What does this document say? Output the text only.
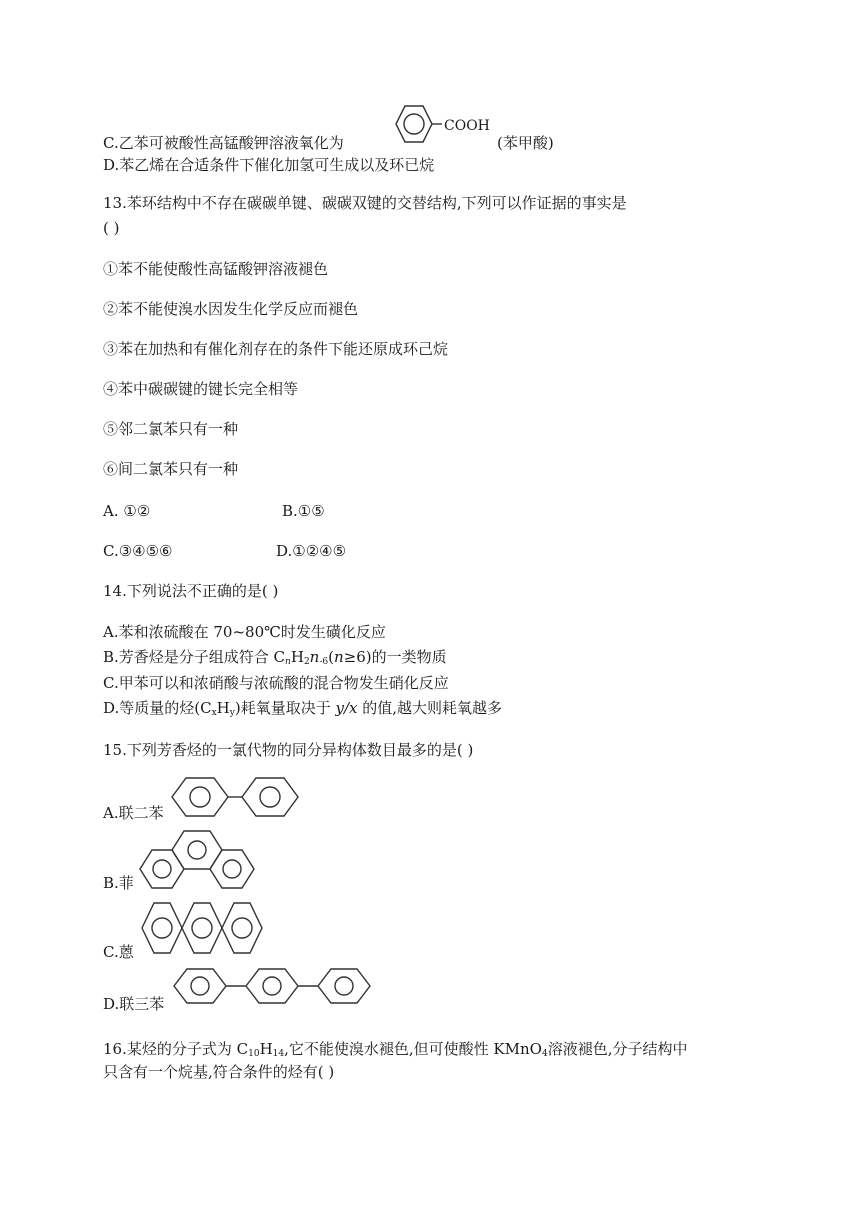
C.乙苯可被酸性高锰酸钾溶液氧化为
COOH
(苯甲酸)
D.苯乙烯在合适条件下催化加氢可生成以及环已烷
13.苯环结构中不存在碳碳单键、碳碳双键的交替结构,下列可以作证据的事实是
( )
①苯不能使酸性高锰酸钾溶液褪色
②苯不能使溴水因发生化学反应而褪色
③苯在加热和有催化剂存在的条件下能还原成环己烷
④苯中碳碳键的键长完全相等
⑤邻二氯苯只有一种
⑥间二氯苯只有一种
A. ①②	B.①⑤
C.③④⑤⑥	D.①②④⑤
14.下列说法不正确的是( )
A.苯和浓硫酸在 70~80℃时发生磺化反应
B.芳香烃是分子组成符合 $C_nH_2n_{-6}(n\ge 6)$的一类物质
C.甲苯可以和浓硝酸与浓硫酸的混合物发生硝化反应
D.等质量的烃$(C_xH_y)$耗氧量取决于 y/x 的值,越大则耗氧越多
15.下列芳香烃的一氯代物的同分异构体数目最多的是( )
A.联二苯
B.菲
C.蒽
D.联三苯
16.某烃的分子式为 $C_{10}H_{14}$,它不能使溴水褪色,但可使酸性 KMnO$_4$溶液褪色,分子结构中
只含有一个烷基,符合条件的烃有( )
